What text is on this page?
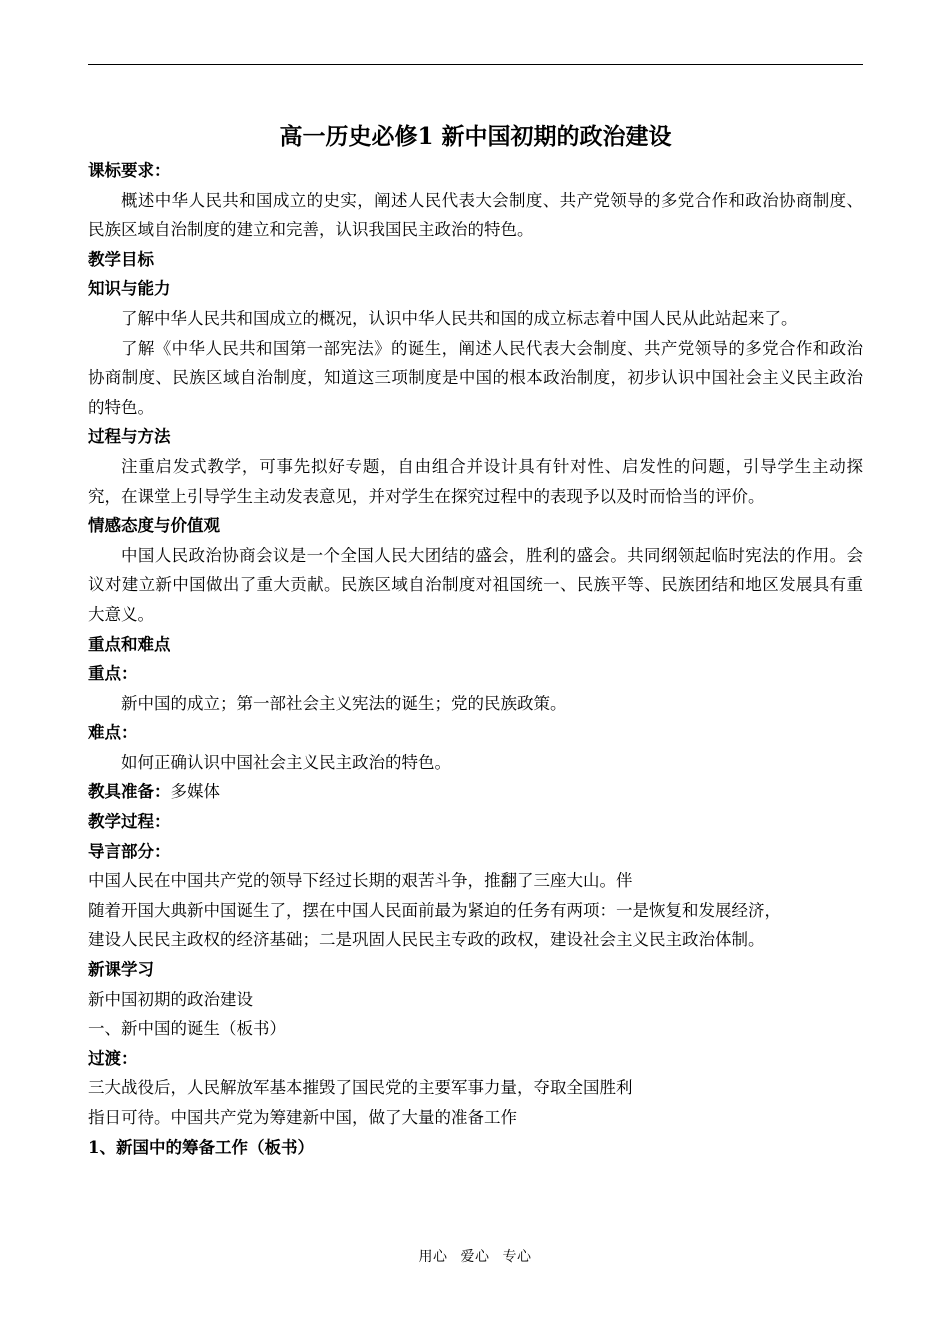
高一历史必修1 新中国初期的政治建设
课标要求：
概述中华人民共和国成立的史实，阐述人民代表大会制度、共产党领导的多党合作和政治协商制度、民族区域自治制度的建立和完善，认识我国民主政治的特色。
教学目标
知识与能力
了解中华人民共和国成立的概况，认识中华人民共和国的成立标志着中国人民从此站起来了。
了解《中华人民共和国第一部宪法》的诞生，阐述人民代表大会制度、共产党领导的多党合作和政治协商制度、民族区域自治制度，知道这三项制度是中国的根本政治制度，初步认识中国社会主义民主政治的特色。
过程与方法
注重启发式教学，可事先拟好专题，自由组合并设计具有针对性、启发性的问题，引导学生主动探究，在课堂上引导学生主动发表意见，并对学生在探究过程中的表现予以及时而恰当的评价。
情感态度与价值观
中国人民政治协商会议是一个全国人民大团结的盛会，胜利的盛会。共同纲领起临时宪法的作用。会议对建立新中国做出了重大贡献。民族区域自治制度对祖国统一、民族平等、民族团结和地区发展具有重大意义。
重点和难点
重点：
新中国的成立；第一部社会主义宪法的诞生；党的民族政策。
难点：
如何正确认识中国社会主义民主政治的特色。
教具准备：多媒体
教学过程：
导言部分：
中国人民在中国共产党的领导下经过长期的艰苦斗争，推翻了三座大山。伴
随着开国大典新中国诞生了，摆在中国人民面前最为紧迫的任务有两项：一是恢复和发展经济，
建设人民民主政权的经济基础；二是巩固人民民主专政的政权，建设社会主义民主政治体制。
新课学习
新中国初期的政治建设
一、新中国的诞生（板书）
过渡：
三大战役后，人民解放军基本摧毁了国民党的主要军事力量，夺取全国胜利
指日可待。中国共产党为筹建新中国，做了大量的准备工作
1、新国中的筹备工作（板书）
用心 爱心 专心
